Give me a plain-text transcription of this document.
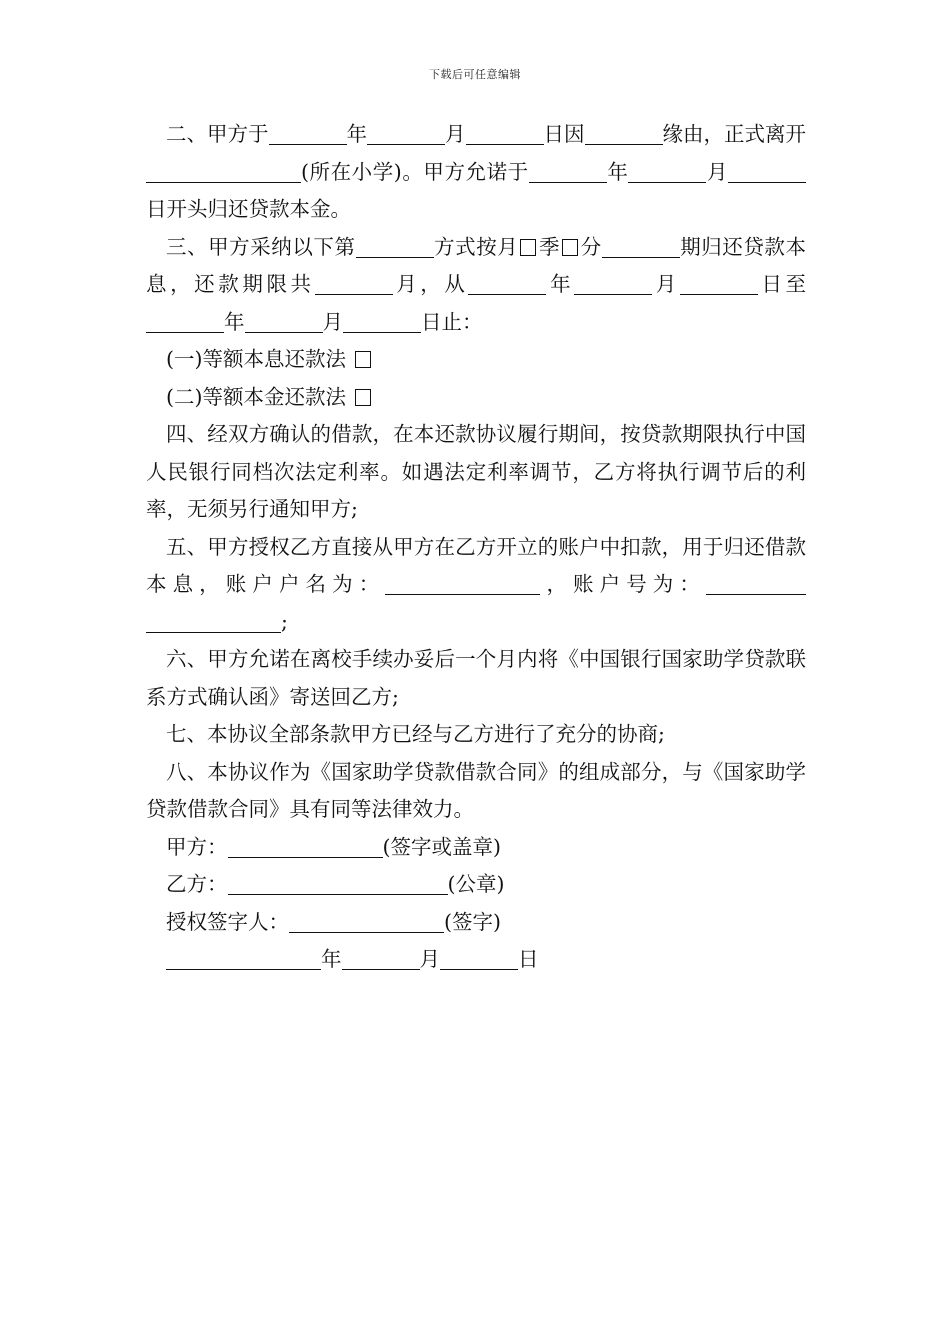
下载后可任意编辑

二、甲方于	年	月	日因	缘由，正式离开(所在小学)。甲方允诺于	年	月日开头归还贷款本金。

三、甲方采纳以下第	方式按月 季 分	期归还贷款本息，还款期限共	月，从	年	月	日至年	月	日止：

(一)等额本息还款法

(二)等额本金还款法

四、经双方确认的借款，在本还款协议履行期间，按贷款期限执行中国人民银行同档次法定利率。如遇法定利率调节，乙方将执行调节后的利率，无须另行通知甲方;

五、甲方授权乙方直接从甲方在乙方开立的账户中扣款，用于归还借款本息，账户户名为：	，账户号为：;

六、甲方允诺在离校手续办妥后一个月内将《中国银行国家助学贷款联系方式确认函》寄送回乙方;

七、本协议全部条款甲方已经与乙方进行了充分的协商;

八、本协议作为《国家助学贷款借款合同》的组成部分，与《国家助学贷款借款合同》具有同等法律效力。

甲方：	(签字或盖章)

乙方：	(公章)

授权签字人：	(签字)

年	月	日
